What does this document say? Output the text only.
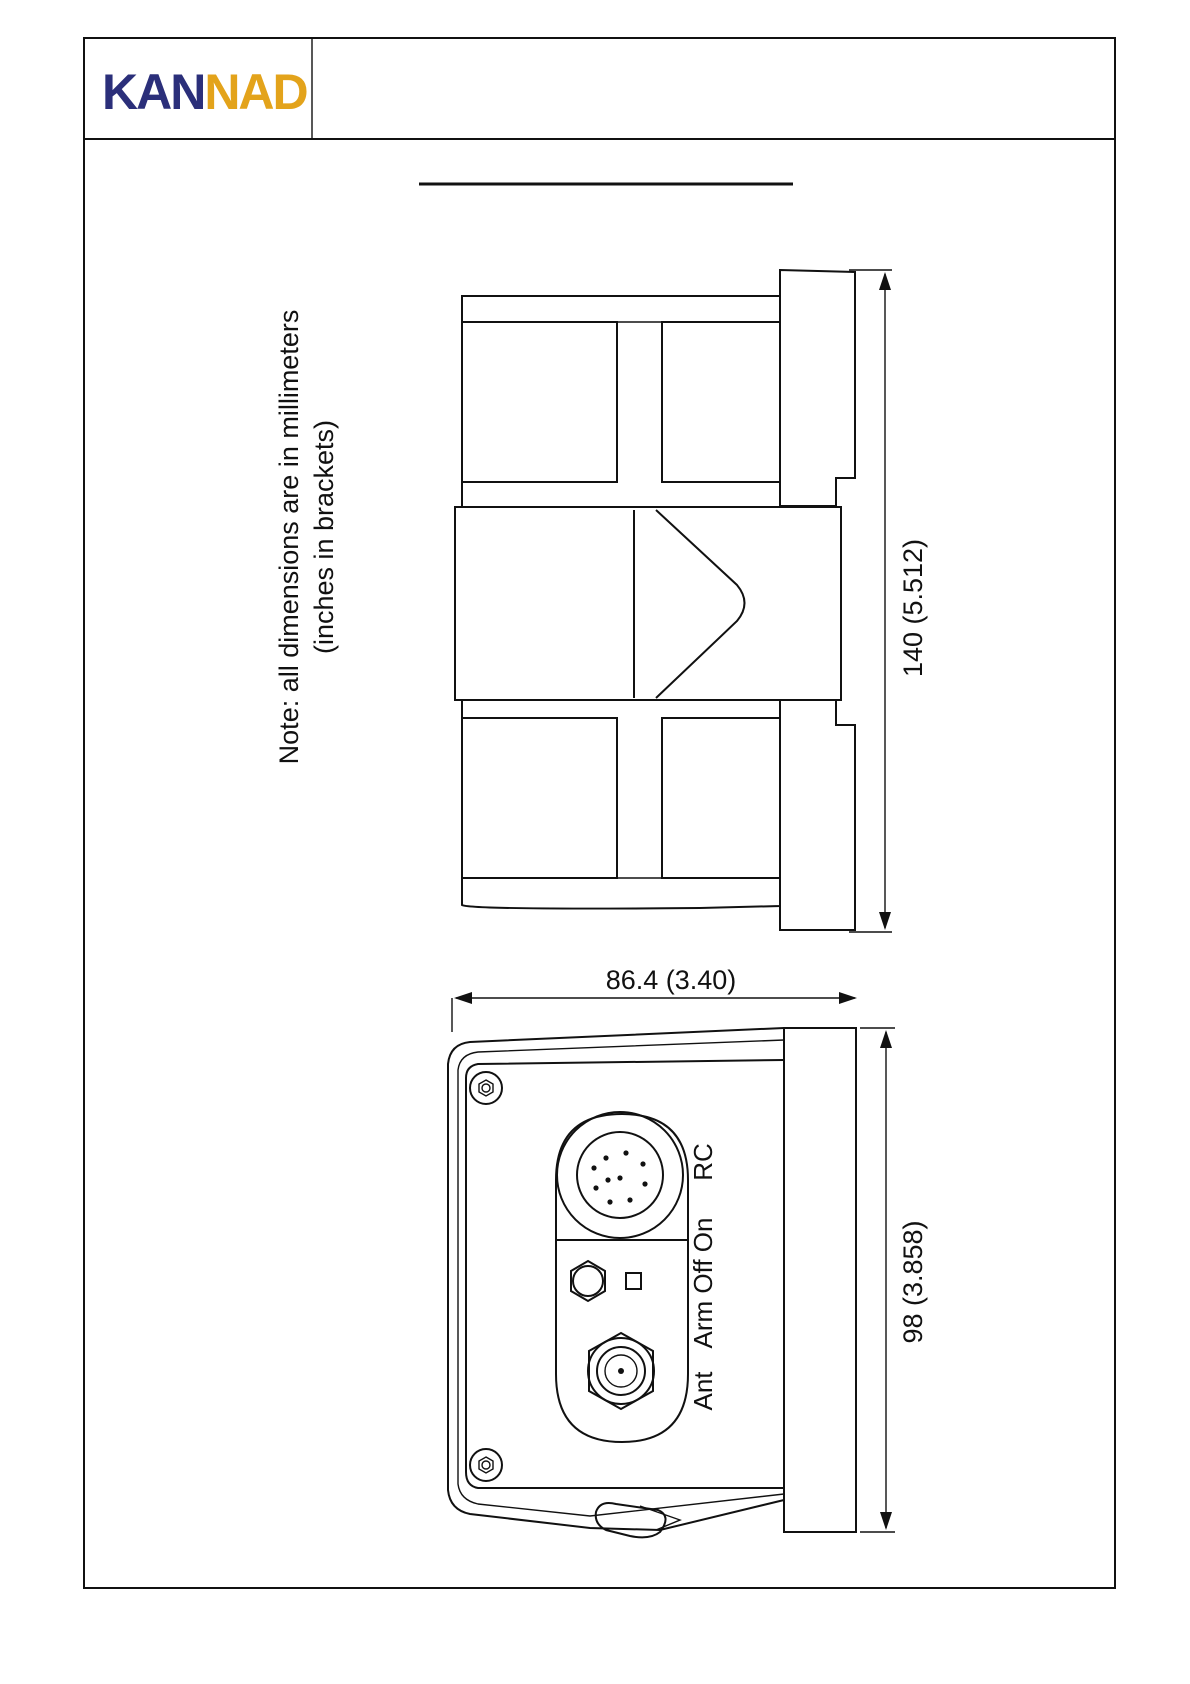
KANNAD
Note: all dimensions are in millimeters (inches in brackets)	140 (5.512)
86.4 (3.40)
RC
Arm Off On
Ant
98 (3.858)
